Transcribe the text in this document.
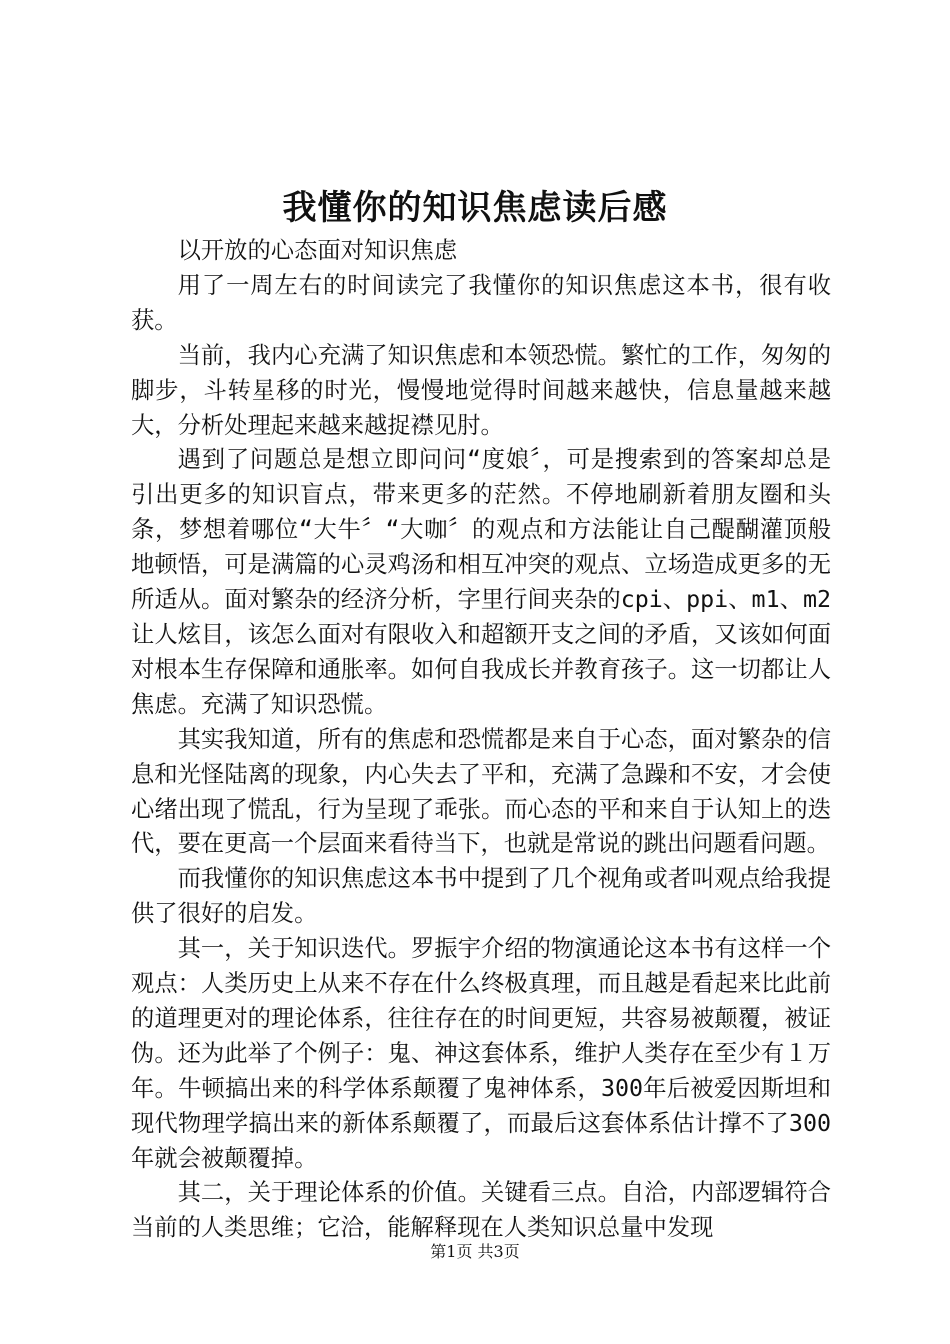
我懂你的知识焦虑读后感

以开放的心态面对知识焦虑

用了一周左右的时间读完了我懂你的知识焦虑这本书，很有收获。

当前，我内心充满了知识焦虑和本领恐慌。繁忙的工作，匆匆的脚步，斗转星移的时光，慢慢地觉得时间越来越快，信息量越来越大，分析处理起来越来越捉襟见肘。

遇到了问题总是想立即问问“度娘〞，可是搜索到的答案却总是引出更多的知识盲点，带来更多的茫然。不停地刷新着朋友圈和头条，梦想着哪位“大牛〞“大咖〞的观点和方法能让自己醍醐灌顶般地顿悟，可是满篇的心灵鸡汤和相互冲突的观点、立场造成更多的无所适从。面对繁杂的经济分析，字里行间夹杂的cpi、ppi、m1、m2让人炫目，该怎么面对有限收入和超额开支之间的矛盾，又该如何面对根本生存保障和通胀率。如何自我成长并教育孩子。这一切都让人焦虑。充满了知识恐慌。

其实我知道，所有的焦虑和恐慌都是来自于心态，面对繁杂的信息和光怪陆离的现象，内心失去了平和，充满了急躁和不安，才会使心绪出现了慌乱，行为呈现了乖张。而心态的平和来自于认知上的迭代，要在更高一个层面来看待当下，也就是常说的跳出问题看问题。

而我懂你的知识焦虑这本书中提到了几个视角或者叫观点给我提供了很好的启发。

其一，关于知识迭代。罗振宇介绍的物演通论这本书有这样一个观点：人类历史上从来不存在什么终极真理，而且越是看起来比此前的道理更对的理论体系，往往存在的时间更短，共容易被颠覆，被证伪。还为此举了个例子：鬼、神这套体系，维护人类存在至少有１万年。牛顿搞出来的科学体系颠覆了鬼神体系，300年后被爱因斯坦和现代物理学搞出来的新体系颠覆了，而最后这套体系估计撑不了300年就会被颠覆掉。

其二，关于理论体系的价值。关键看三点。自洽，内部逻辑符合当前的人类思维；它洽，能解释现在人类知识总量中发现

第1页 共3页
